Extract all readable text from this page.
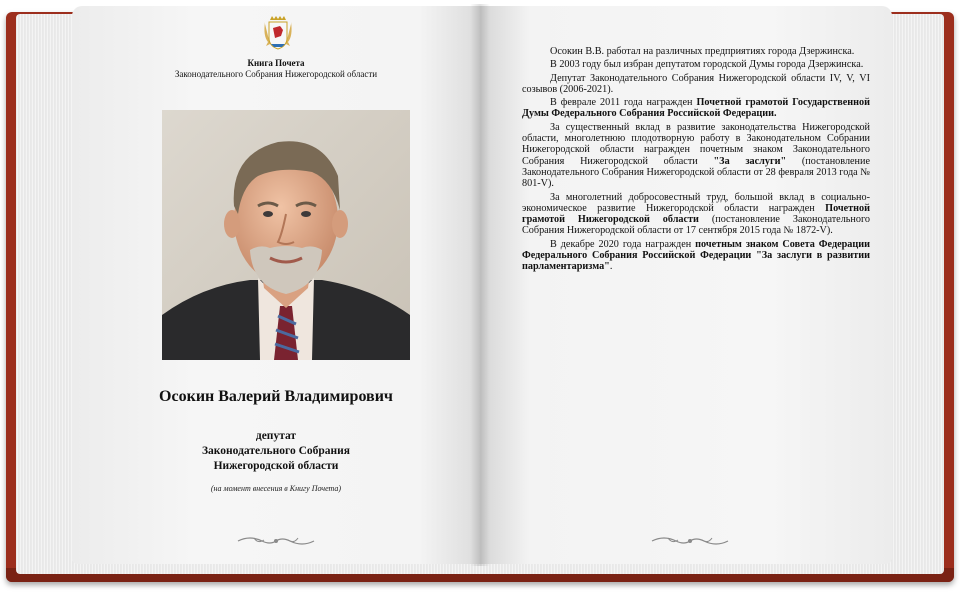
Книга Почета
Законодательного Собрания Нижегородской области
Осокин Валерий Владимирович
депутат
Законодательного Собрания
Нижегородской области
(на момент внесения в Книгу Почета)

Осокин В.В. работал на различных предприятиях города Дзержинска.

В 2003 году был избран депутатом городской Думы города Дзержинска.

Депутат Законодательного Собрания Нижегородской области IV, V, VI созывов (2006-2021).

В феврале 2011 года награжден Почетной грамотой Государственной Думы Федерального Собрания Российской Федерации.

За существенный вклад в развитие законодательства Нижегородской области, многолетнюю плодотворную работу в Законодательном Собрании Нижегородской области награжден почетным знаком Законодательного Собрания Нижегородской области "За заслуги" (постановление Законодательного Собрания Нижегородской области от 28 февраля 2013 года № 801-V).

За многолетний добросовестный труд, большой вклад в социально-экономическое развитие Нижегородской области награжден Почетной грамотой Нижегородской области (постановление Законодательного Собрания Нижегородской области от 17 сентября 2015 года № 1872-V).

В декабре 2020 года награжден почетным знаком Совета Федерации Федерального Собрания Российской Федерации "За заслуги в развитии парламентаризма".
